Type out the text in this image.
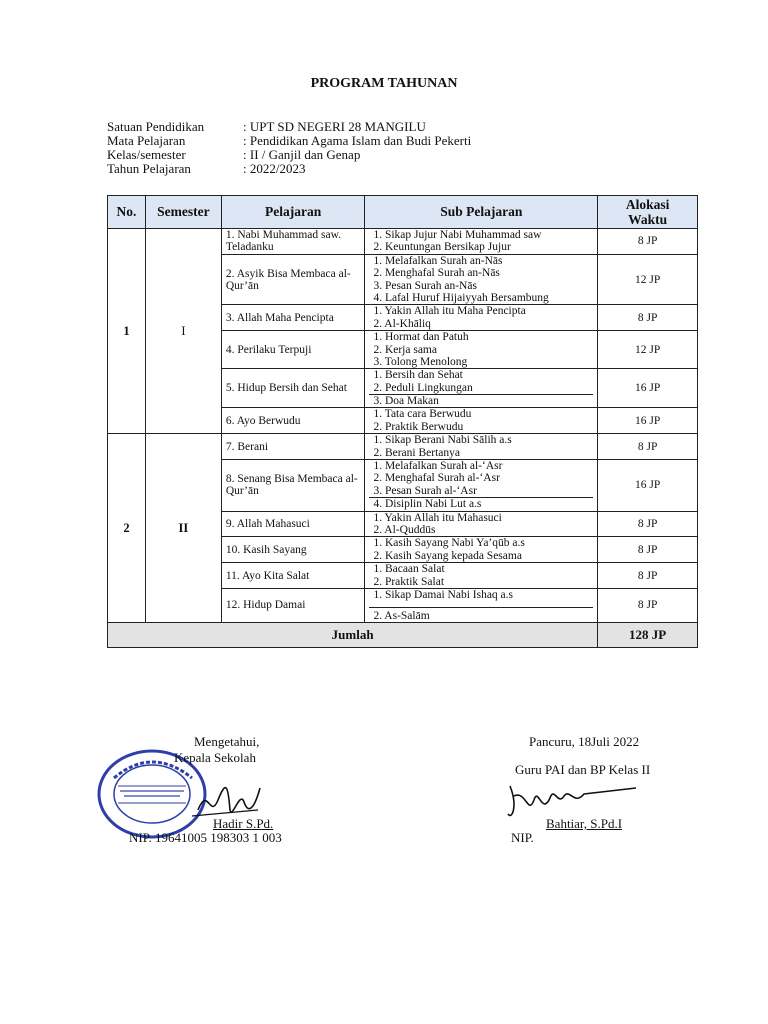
PROGRAM TAHUNAN
Satuan Pendidikan	: UPT SD NEGERI 28 MANGILU
Mata Pelajaran	: Pendidikan Agama Islam dan Budi Pekerti
Kelas/semester	: II / Ganjil dan Genap
Tahun Pelajaran	: 2022/2023
No.	Semester	Pelajaran	Sub Pelajaran	Alokasi
Waktu
1	I	1. Nabi Muhammad saw. Teladanku	1. Sikap Jujur Nabi Muhammad saw
2. Keuntungan Bersikap Jujur	8 JP
		2. Asyik Bisa Membaca al-Qur’ān	1. Melafalkan Surah an-Nās
2. Menghafal Surah an-Nās
3. Pesan Surah an-Nās
4. Lafal Huruf Hijaiyyah Bersambung	12 JP
		3. Allah Maha Pencipta	1. Yakin Allah itu Maha Pencipta
2. Al-Khāliq	8 JP
		4. Perilaku Terpuji	1. Hormat dan Patuh
2. Kerja sama
3. Tolong Menolong	12 JP
		5. Hidup Bersih dan Sehat	1. Bersih dan Sehat
2. Peduli Lingkungan
3. Doa Makan	16 JP
		6. Ayo Berwudu	1. Tata cara Berwudu
2. Praktik Berwudu	16 JP
2	II	7. Berani	1. Sikap Berani Nabi Sālih a.s
2. Berani Bertanya	8 JP
		8. Senang Bisa Membaca al-Qur’ān	1. Melafalkan Surah al-‘Asr
2. Menghafal Surah al-‘Asr
3. Pesan Surah al-‘Asr
4. Disiplin Nabi Lut a.s	16 JP
		9. Allah Mahasuci	1. Yakin Allah itu Mahasuci
2. Al-Quddūs	8 JP
		10. Kasih Sayang	1. Kasih Sayang Nabi Ya’qūb a.s
2. Kasih Sayang kepada Sesama	8 JP
		11. Ayo Kita Salat	1. Bacaan Salat
2. Praktik Salat	8 JP
		12. Hidup Damai	1. Sikap Damai Nabi Ishaq a.s
2. As-Salām	8 JP
Jumlah				128 JP
Mengetahui,
Kepala Sekolah
Hadir S.Pd.
NIP. 19641005 198303 1 003
Pancuru, 18Juli 2022
Guru PAI dan BP Kelas II
Bahtiar, S.Pd.I
NIP.
